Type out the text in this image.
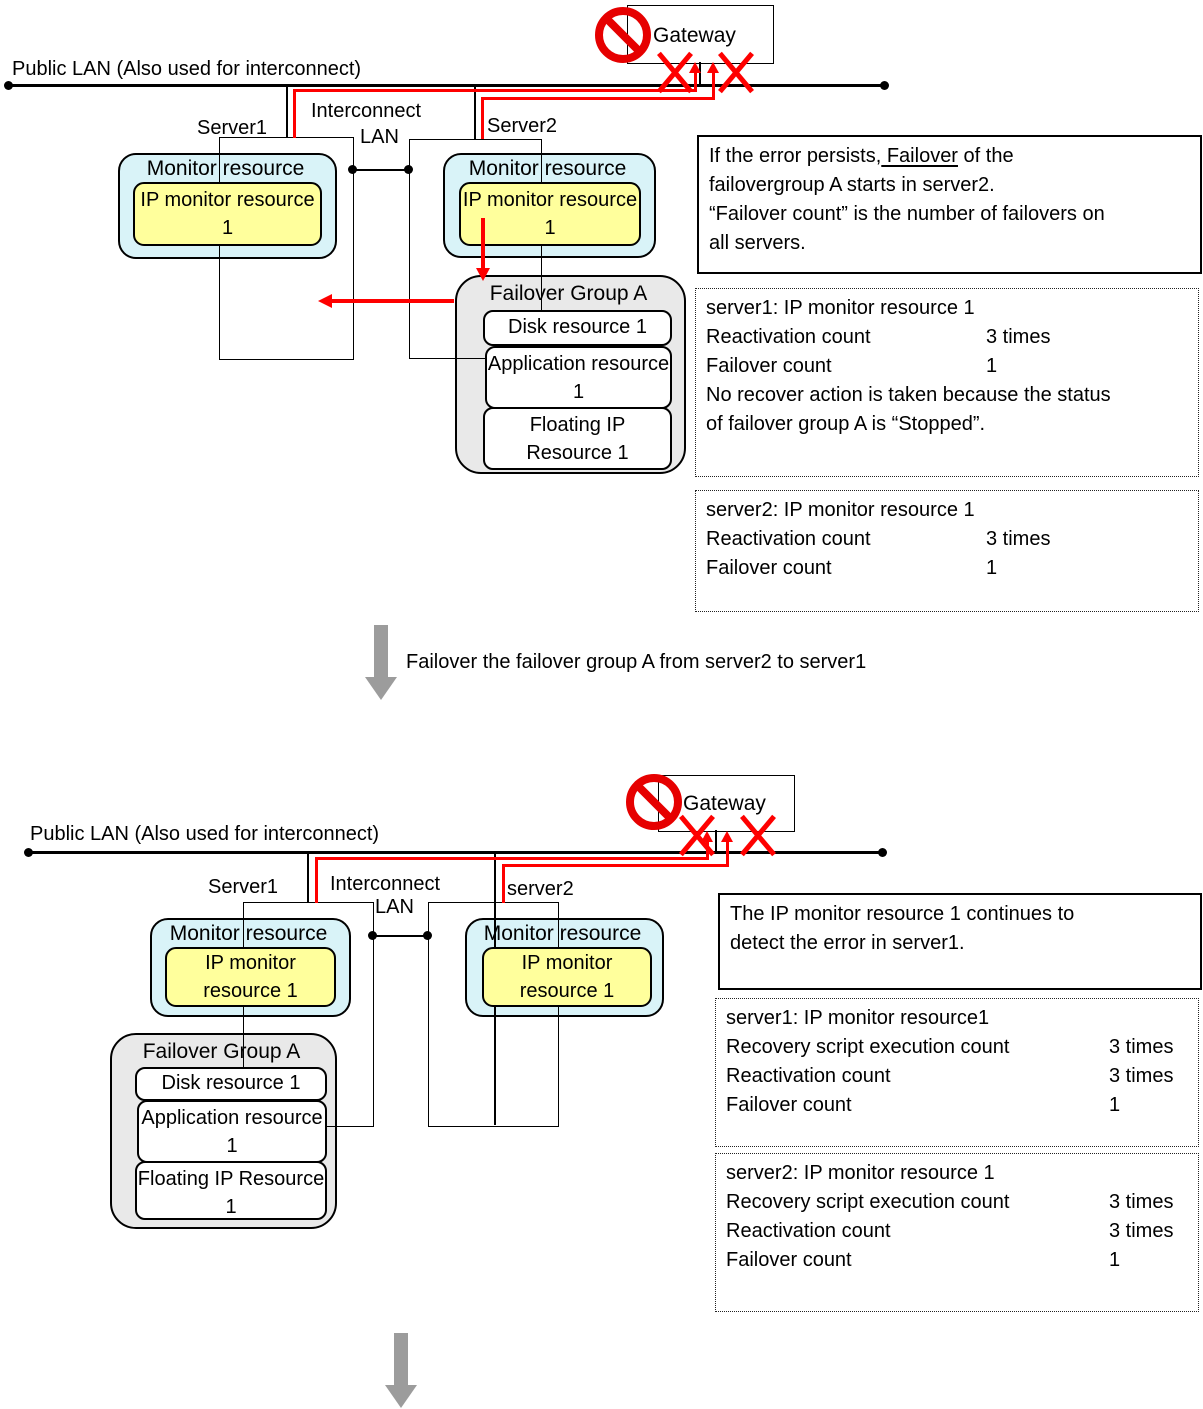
Gateway
Public LAN (Also used for interconnect)
Server1	Server2
Interconnect
LAN
Monitor resource
IP monitor resource 1
Monitor resource
IP monitor resource 1
Failover Group A
Disk resource 1
Application resource 1
Floating IP Resource 1
If the error persists, Failover of the
failovergroup A starts in server2.
“Failover count” is the number of failovers on
all servers.
server1: IP monitor resource 1
Reactivation count	3 times
Failover count	1
No recover action is taken because the status
of failover group A is “Stopped”.
server2: IP monitor resource 1
Reactivation count	3 times
Failover count	1
Failover the failover group A from server2 to server1
Gateway
Public LAN (Also used for interconnect)
Server1	server2
Interconnect
LAN
Monitor resource
IP monitor resource 1
Monitor resource
IP monitor resource 1
Failover Group A
Disk resource 1
Application resource 1
Floating IP Resource 1
The IP monitor resource 1 continues to
detect the error in server1.
server1: IP monitor resource1
Recovery script execution count	3 times
Reactivation count	3 times
Failover count	1
server2: IP monitor resource 1
Recovery script execution count	3 times
Reactivation count	3 times
Failover count	1
